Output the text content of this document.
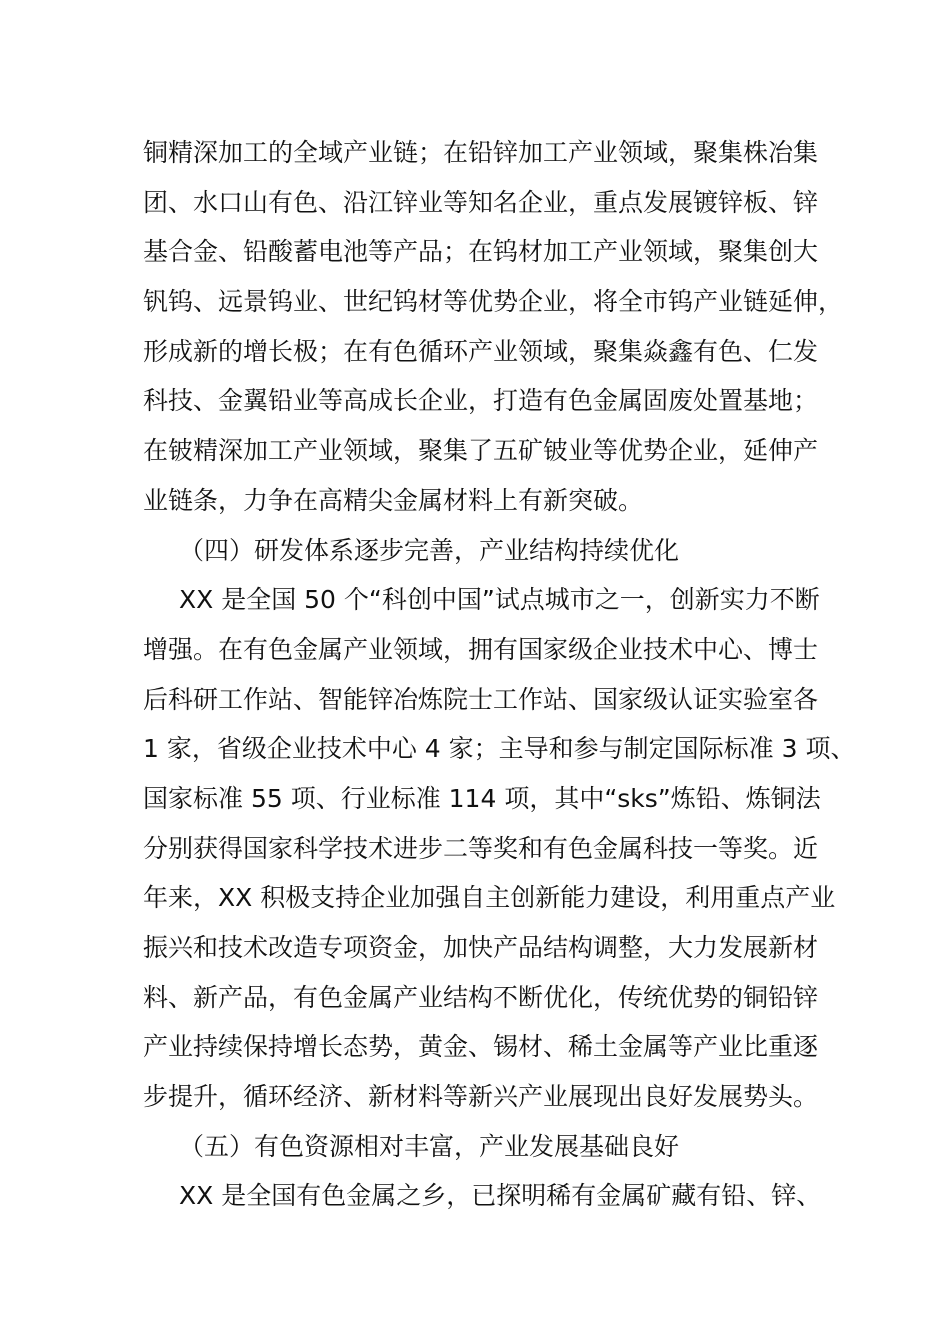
铜精深加工的全域产业链；在铅锌加工产业领域，聚集株冶集
团、水口山有色、沿江锌业等知名企业，重点发展镀锌板、锌
基合金、铅酸蓄电池等产品；在钨材加工产业领域，聚集创大
钒钨、远景钨业、世纪钨材等优势企业，将全市钨产业链延伸，
形成新的增长极；在有色循环产业领域，聚集焱鑫有色、仁发
科技、金翼铅业等高成长企业，打造有色金属固废处置基地；
在铍精深加工产业领域，聚集了五矿铍业等优势企业，延伸产
业链条，力争在高精尖金属材料上有新突破。
（四）研发体系逐步完善，产业结构持续优化
XX 是全国 50 个“科创中国”试点城市之一，创新实力不断
增强。在有色金属产业领域，拥有国家级企业技术中心、博士
后科研工作站、智能锌冶炼院士工作站、国家级认证实验室各
1 家，省级企业技术中心 4 家；主导和参与制定国际标准 3 项、
国家标准 55 项、行业标准 114 项，其中“sks”炼铅、炼铜法
分别获得国家科学技术进步二等奖和有色金属科技一等奖。近
年来，XX 积极支持企业加强自主创新能力建设，利用重点产业
振兴和技术改造专项资金，加快产品结构调整，大力发展新材
料、新产品，有色金属产业结构不断优化，传统优势的铜铅锌
产业持续保持增长态势，黄金、锡材、稀土金属等产业比重逐
步提升，循环经济、新材料等新兴产业展现出良好发展势头。
（五）有色资源相对丰富，产业发展基础良好
XX 是全国有色金属之乡，已探明稀有金属矿藏有铅、锌、
